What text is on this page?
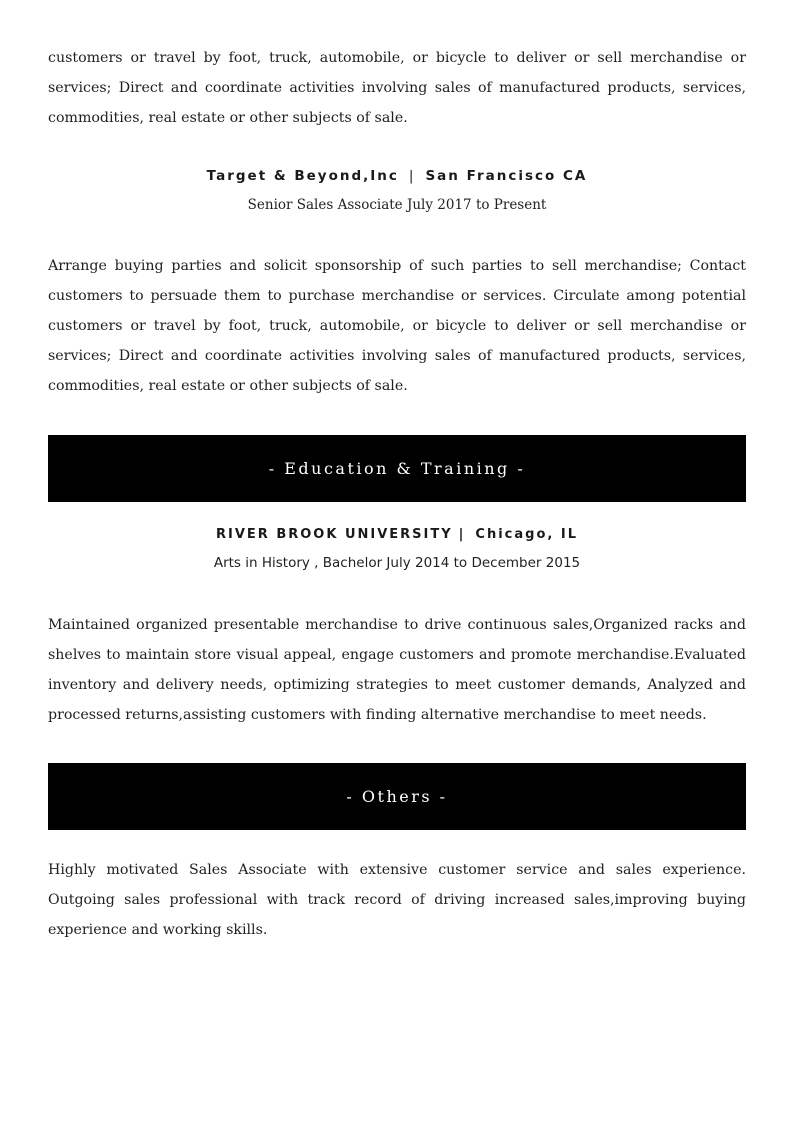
customers or travel by foot, truck, automobile, or bicycle to deliver or sell merchandise or services; Direct and coordinate activities involving sales of manufactured products, services, commodities, real estate or other subjects of sale.

Target & Beyond,Inc | San Francisco CA
Senior Sales Associate July 2017 to Present

Arrange buying parties and solicit sponsorship of such parties to sell merchandise; Contact customers to persuade them to purchase merchandise or services. Circulate among potential customers or travel by foot, truck, automobile, or bicycle to deliver or sell merchandise or services; Direct and coordinate activities involving sales of manufactured products, services, commodities, real estate or other subjects of sale.

- Education & Training -
RIVER BROOK UNIVERSITY | Chicago, IL
Arts in History , Bachelor July 2014 to December 2015

Maintained organized presentable merchandise to drive continuous sales,Organized racks and shelves to maintain store visual appeal, engage customers and promote merchandise.Evaluated inventory and delivery needs, optimizing strategies to meet customer demands, Analyzed and processed returns,assisting customers with finding alternative merchandise to meet needs.

- Others -

Highly motivated Sales Associate with extensive customer service and sales experience. Outgoing sales professional with track record of driving increased sales,improving buying experience and working skills.
